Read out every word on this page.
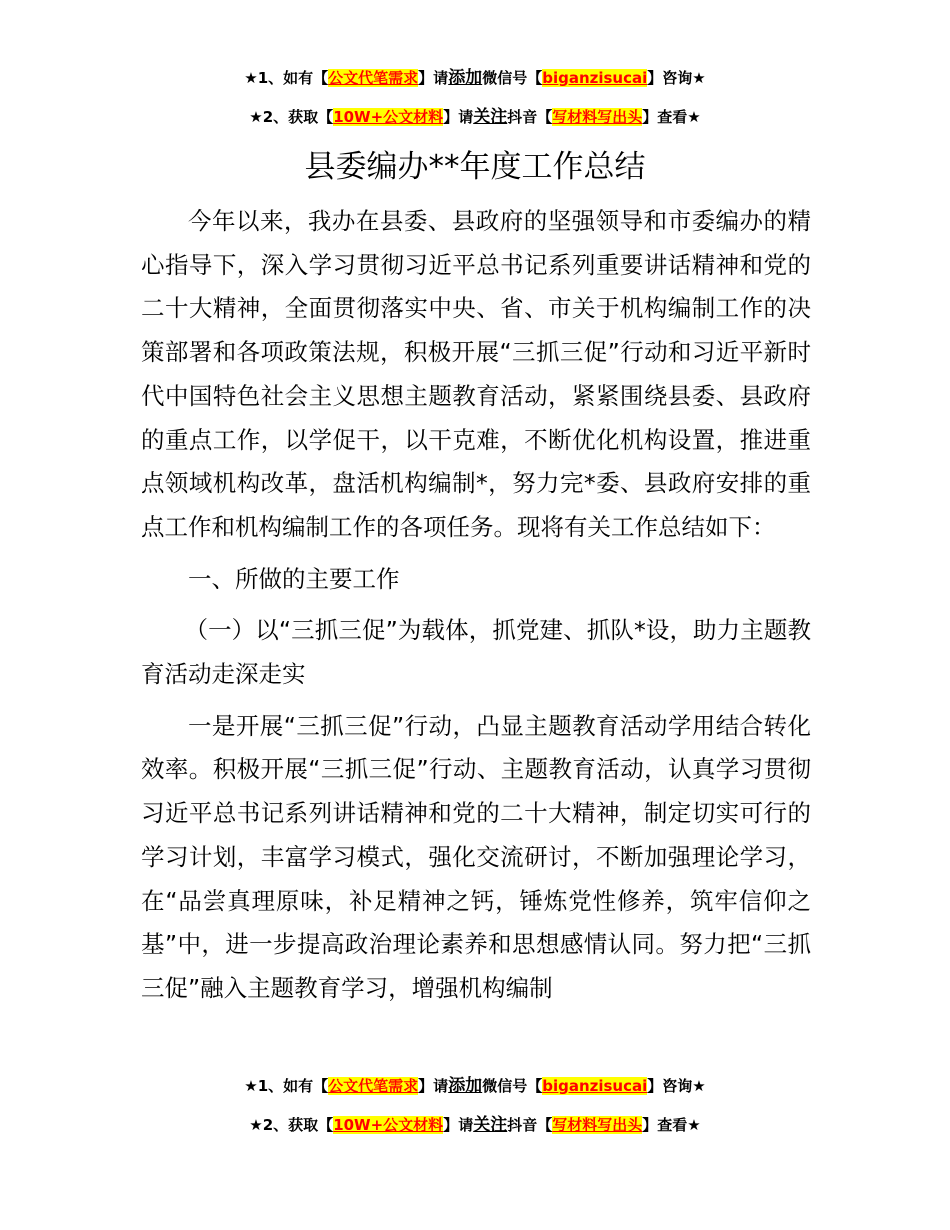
★1、如有【公文代笔需求】请添加微信号【biganzisucai】咨询★
★2、获取【10W+公文材料】请关注抖音【写材料写出头】查看★
县委编办**年度工作总结

今年以来，我办在县委、县政府的坚强领导和市委编办的精心指导下，深入学习贯彻习近平总书记系列重要讲话精神和党的二十大精神，全面贯彻落实中央、省、市关于机构编制工作的决策部署和各项政策法规，积极开展“三抓三促”行动和习近平新时代中国特色社会主义思想主题教育活动，紧紧围绕县委、县政府的重点工作，以学促干，以干克难，不断优化机构设置，推进重点领域机构改革，盘活机构编制*，努力完*委、县政府安排的重点工作和机构编制工作的各项任务。现将有关工作总结如下：

一、所做的主要工作

（一）以“三抓三促”为载体，抓党建、抓队*设，助力主题教育活动走深走实

一是开展“三抓三促”行动，凸显主题教育活动学用结合转化效率。积极开展“三抓三促”行动、主题教育活动，认真学习贯彻习近平总书记系列讲话精神和党的二十大精神，制定切实可行的学习计划，丰富学习模式，强化交流研讨，不断加强理论学习，在“品尝真理原味，补足精神之钙，锤炼党性修养，筑牢信仰之基”中，进一步提高政治理论素养和思想感情认同。努力把“三抓三促”融入主题教育学习，增强机构编制

★1、如有【公文代笔需求】请添加微信号【biganzisucai】咨询★
★2、获取【10W+公文材料】请关注抖音【写材料写出头】查看★
